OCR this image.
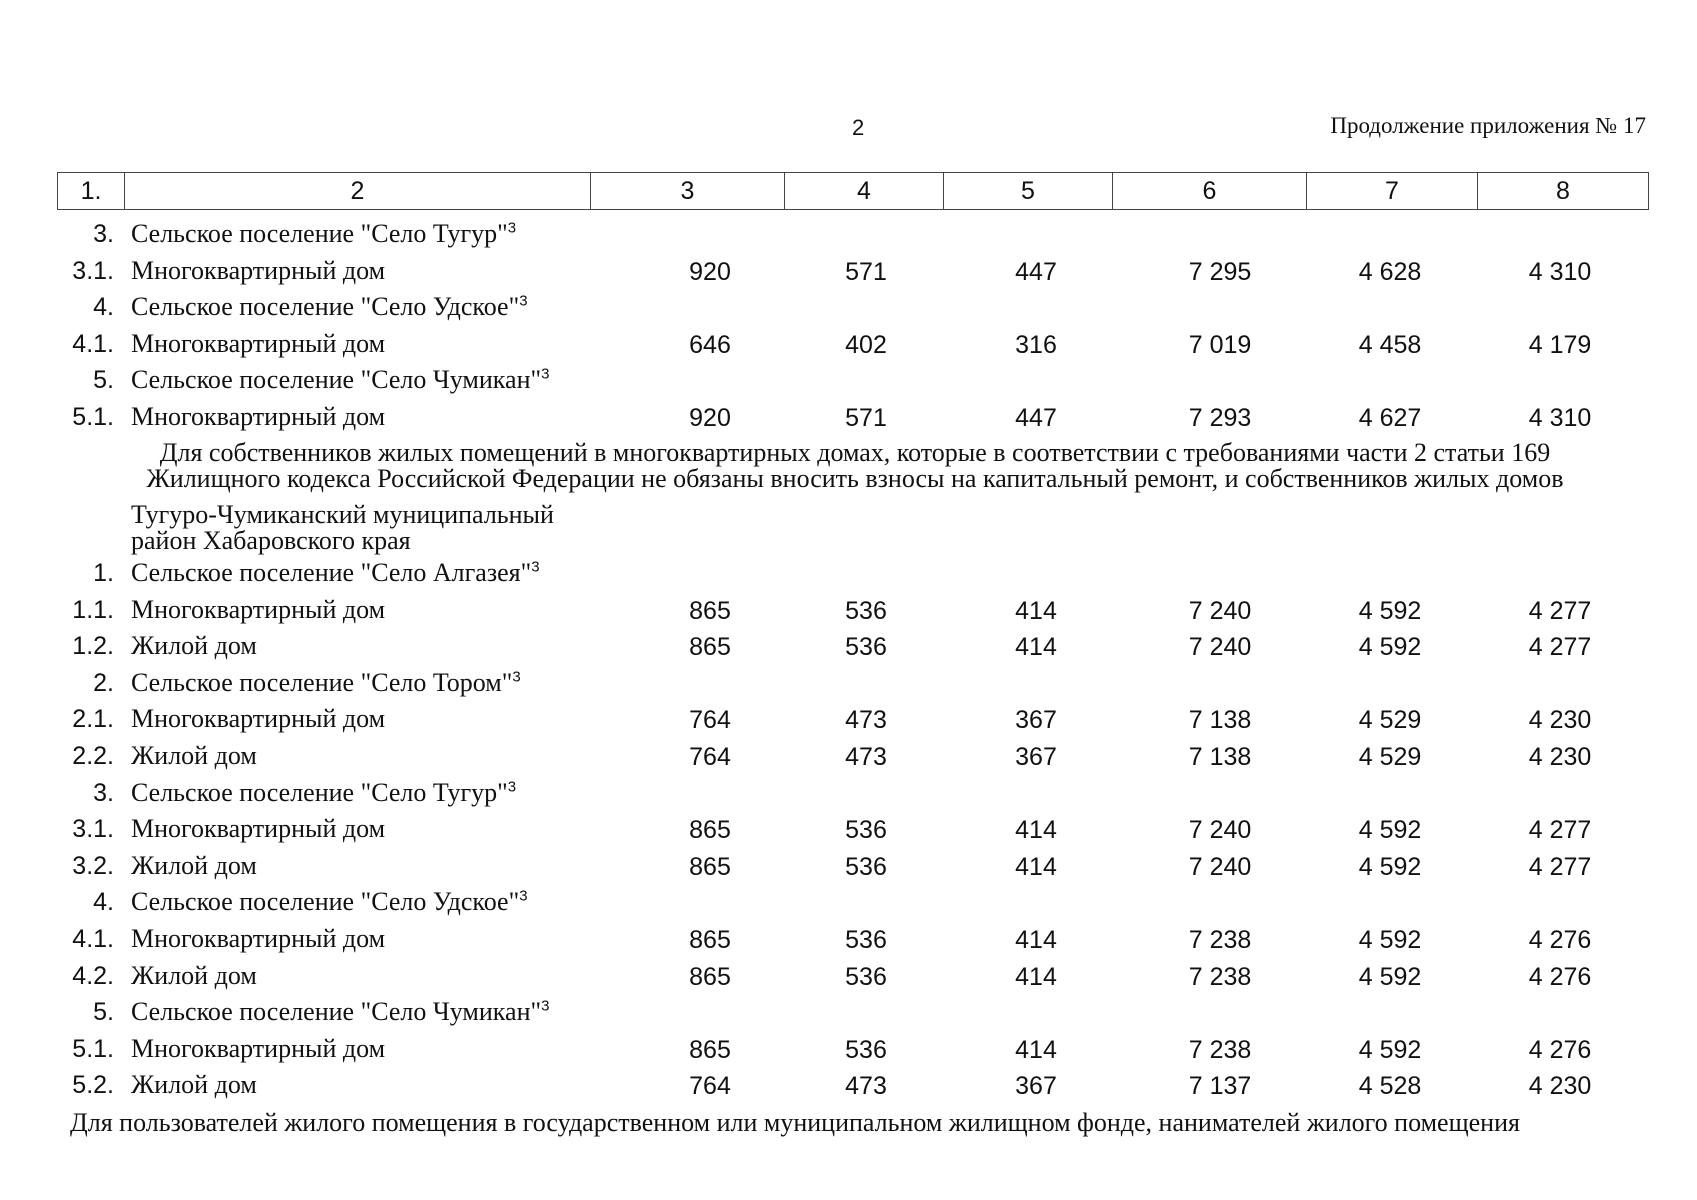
2	Продолжение приложения № 17
1.	2	3	4	5	6	7	8
3. Сельское поселение "Село Тугур"$^3$
3.1. Многоквартирный дом	920	571	447	7 295	4 628	4 310
4. Сельское поселение "Село Удское"$^3$
4.1. Многоквартирный дом	646	402	316	7 019	4 458	4 179
5. Сельское поселение "Село Чумикан"$^3$
5.1. Многоквартирный дом	920	571	447	7 293	4 627	4 310
Для собственников жилых помещений в многоквартирных домах, которые в соответствии с требованиями части 2 статьи 169
Жилищного кодекса Российской Федерации не обязаны вносить взносы на капитальный ремонт, и собственников жилых домов
Тугуро-Чумиканский муниципальный
район Хабаровского края
1. Сельское поселение "Село Алгазея"$^3$
1.1. Многоквартирный дом	865	536	414	7 240	4 592	4 277
1.2. Жилой дом	865	536	414	7 240	4 592	4 277
2. Сельское поселение "Село Тором"$^3$
2.1. Многоквартирный дом	764	473	367	7 138	4 529	4 230
2.2. Жилой дом	764	473	367	7 138	4 529	4 230
3. Сельское поселение "Село Тугур"$^3$
3.1. Многоквартирный дом	865	536	414	7 240	4 592	4 277
3.2. Жилой дом	865	536	414	7 240	4 592	4 277
4. Сельское поселение "Село Удское"$^3$
4.1. Многоквартирный дом	865	536	414	7 238	4 592	4 276
4.2. Жилой дом	865	536	414	7 238	4 592	4 276
5. Сельское поселение "Село Чумикан"$^3$
5.1. Многоквартирный дом	865	536	414	7 238	4 592	4 276
5.2. Жилой дом	764	473	367	7 137	4 528	4 230
Для пользователей жилого помещения в государственном или муниципальном жилищном фонде, нанимателей жилого помещения
